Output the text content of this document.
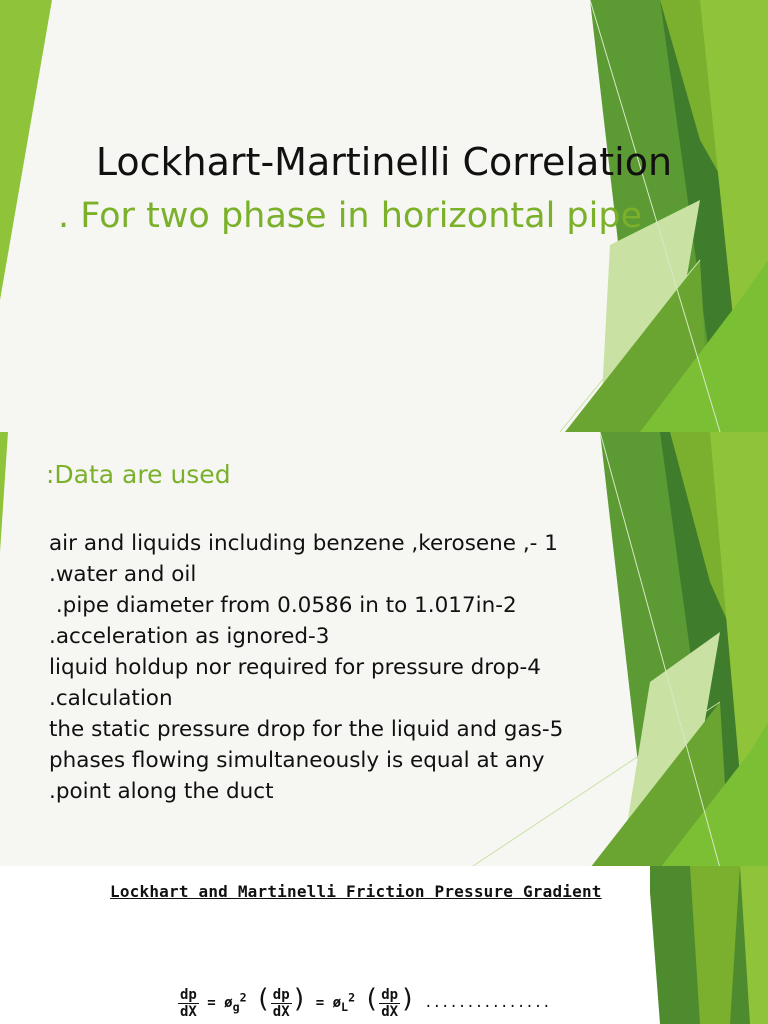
Lockhart-Martinelli Correlation
. For two phase in horizontal pipe
:Data are used
air and liquids including benzene ,kerosene ,- 1
.water and oil
.pipe diameter from 0.0586 in to 1.017in-2
.acceleration as ignored-3
liquid holdup nor required for pressure drop-4
.calculation
the static pressure drop for the liquid and gas-5
phases flowing simultaneously is equal at any
.point along the duct
Lockhart and Martinelli Friction Pressure Gradient
$\frac{dp}{dX}$ = $ø_g^2$ ( $\frac{dp}{dX}$ ) = $ø_L^2$ ( $\frac{dp}{dX}$ ) ...............
